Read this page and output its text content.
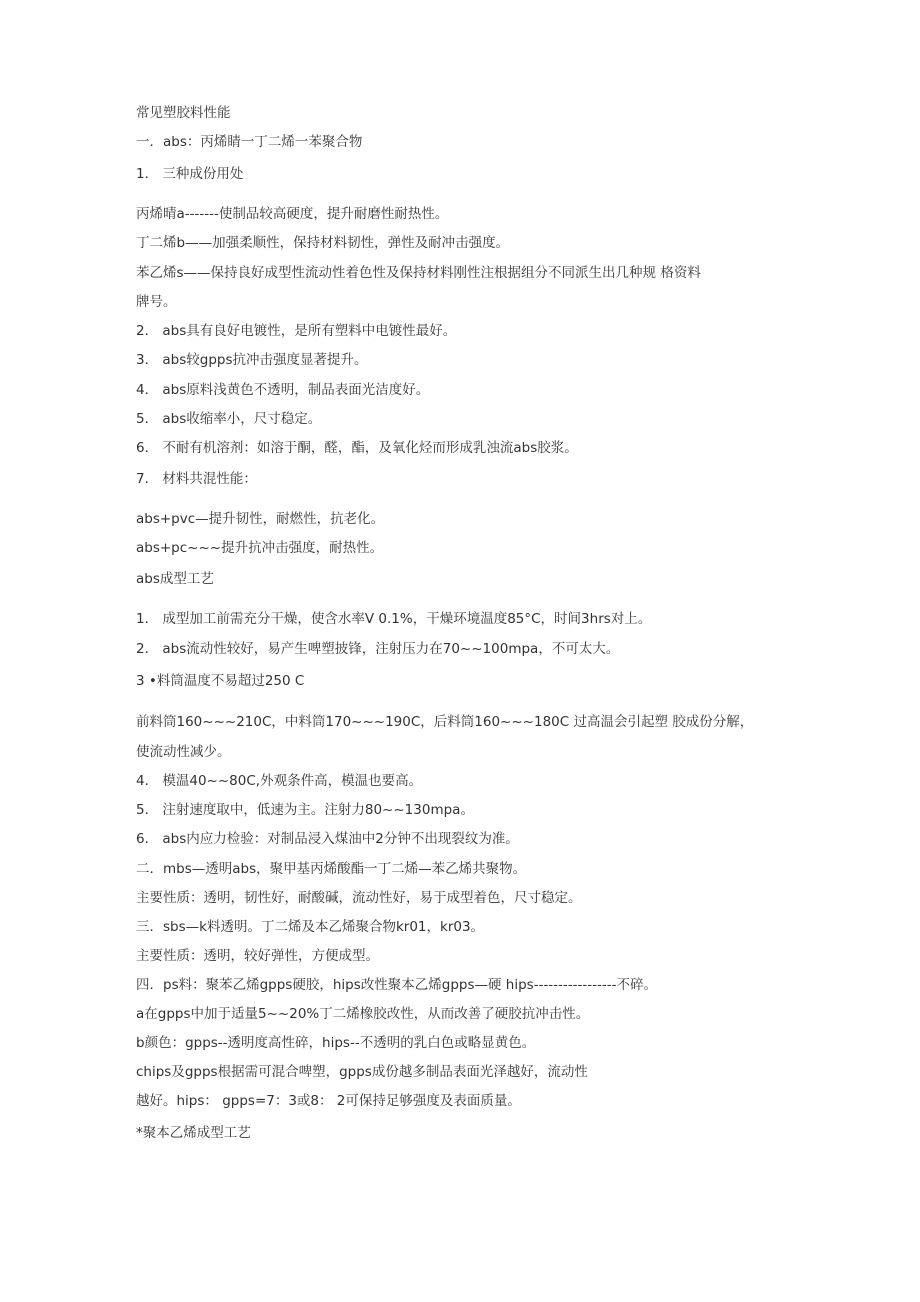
常见塑胶料性能
一．abs：丙烯睛一丁二烯一苯聚合物
1． 三种成份用处
丙烯晴a-------使制品较高硬度，提升耐磨性耐热性。
丁二烯b——加强柔顺性，保持材料韧性，弹性及耐冲击强度。
苯乙烯s——保持良好成型性流动性着色性及保持材料刚性注根据组分不同派生出几种规 格资料
牌号。
2． abs具有良好电镀性，是所有塑料中电镀性最好。
3． abs较gpps抗冲击强度显著提升。
4． abs原料浅黄色不透明，制品表面光洁度好。
5． abs收缩率小，尺寸稳定。
6． 不耐有机溶剂：如溶于酮，醛，酯，及氧化烃而形成乳浊流abs胶浆。
7． 材料共混性能：
abs+pvc—提升韧性，耐燃性，抗老化。
abs+pc~~~提升抗冲击强度，耐热性。
abs成型工艺
1． 成型加工前需充分干燥，使含水率V 0.1%，干燥环境温度85°C，时间3hrs对上。
2． abs流动性较好，易产生啤塑披锋，注射压力在70~~100mpa，不可太大。
3 •料筒温度不易超过250 C
前料筒160~~~210C，中料筒170~~~190C，后料筒160~~~180C 过高温会引起塑 胶成份分解，
使流动性减少。
4． 模温40~~80C,外观条件高，模温也要高。
5． 注射速度取中，低速为主。注射力80~~130mpa。
6． abs内应力检验：对制品浸入煤油中2分钟不出现裂纹为准。
二．mbs—透明abs，聚甲基丙烯酸酯一丁二烯—苯乙烯共聚物。
主要性质：透明，韧性好，耐酸碱，流动性好，易于成型着色，尺寸稳定。
三．sbs—k料透明。丁二烯及本乙烯聚合物kr01，kr03。
主要性质：透明，较好弹性，方便成型。
四．ps料：聚苯乙烯gpps硬胶，hips改性聚本乙烯gpps—硬 hips-----------------不碎。
a在gpps中加于适量5~~20%丁二烯橡胶改性，从而改善了硬胶抗冲击性。
b颜色：gpps--透明度高性碎，hips--不透明的乳白色或略显黄色。
chips及gpps根据需可混合啤塑，gpps成份越多制品表面光泽越好，流动性
越好。hips： gpps=7：3或8： 2可保持足够强度及表面质量。
*聚本乙烯成型工艺
